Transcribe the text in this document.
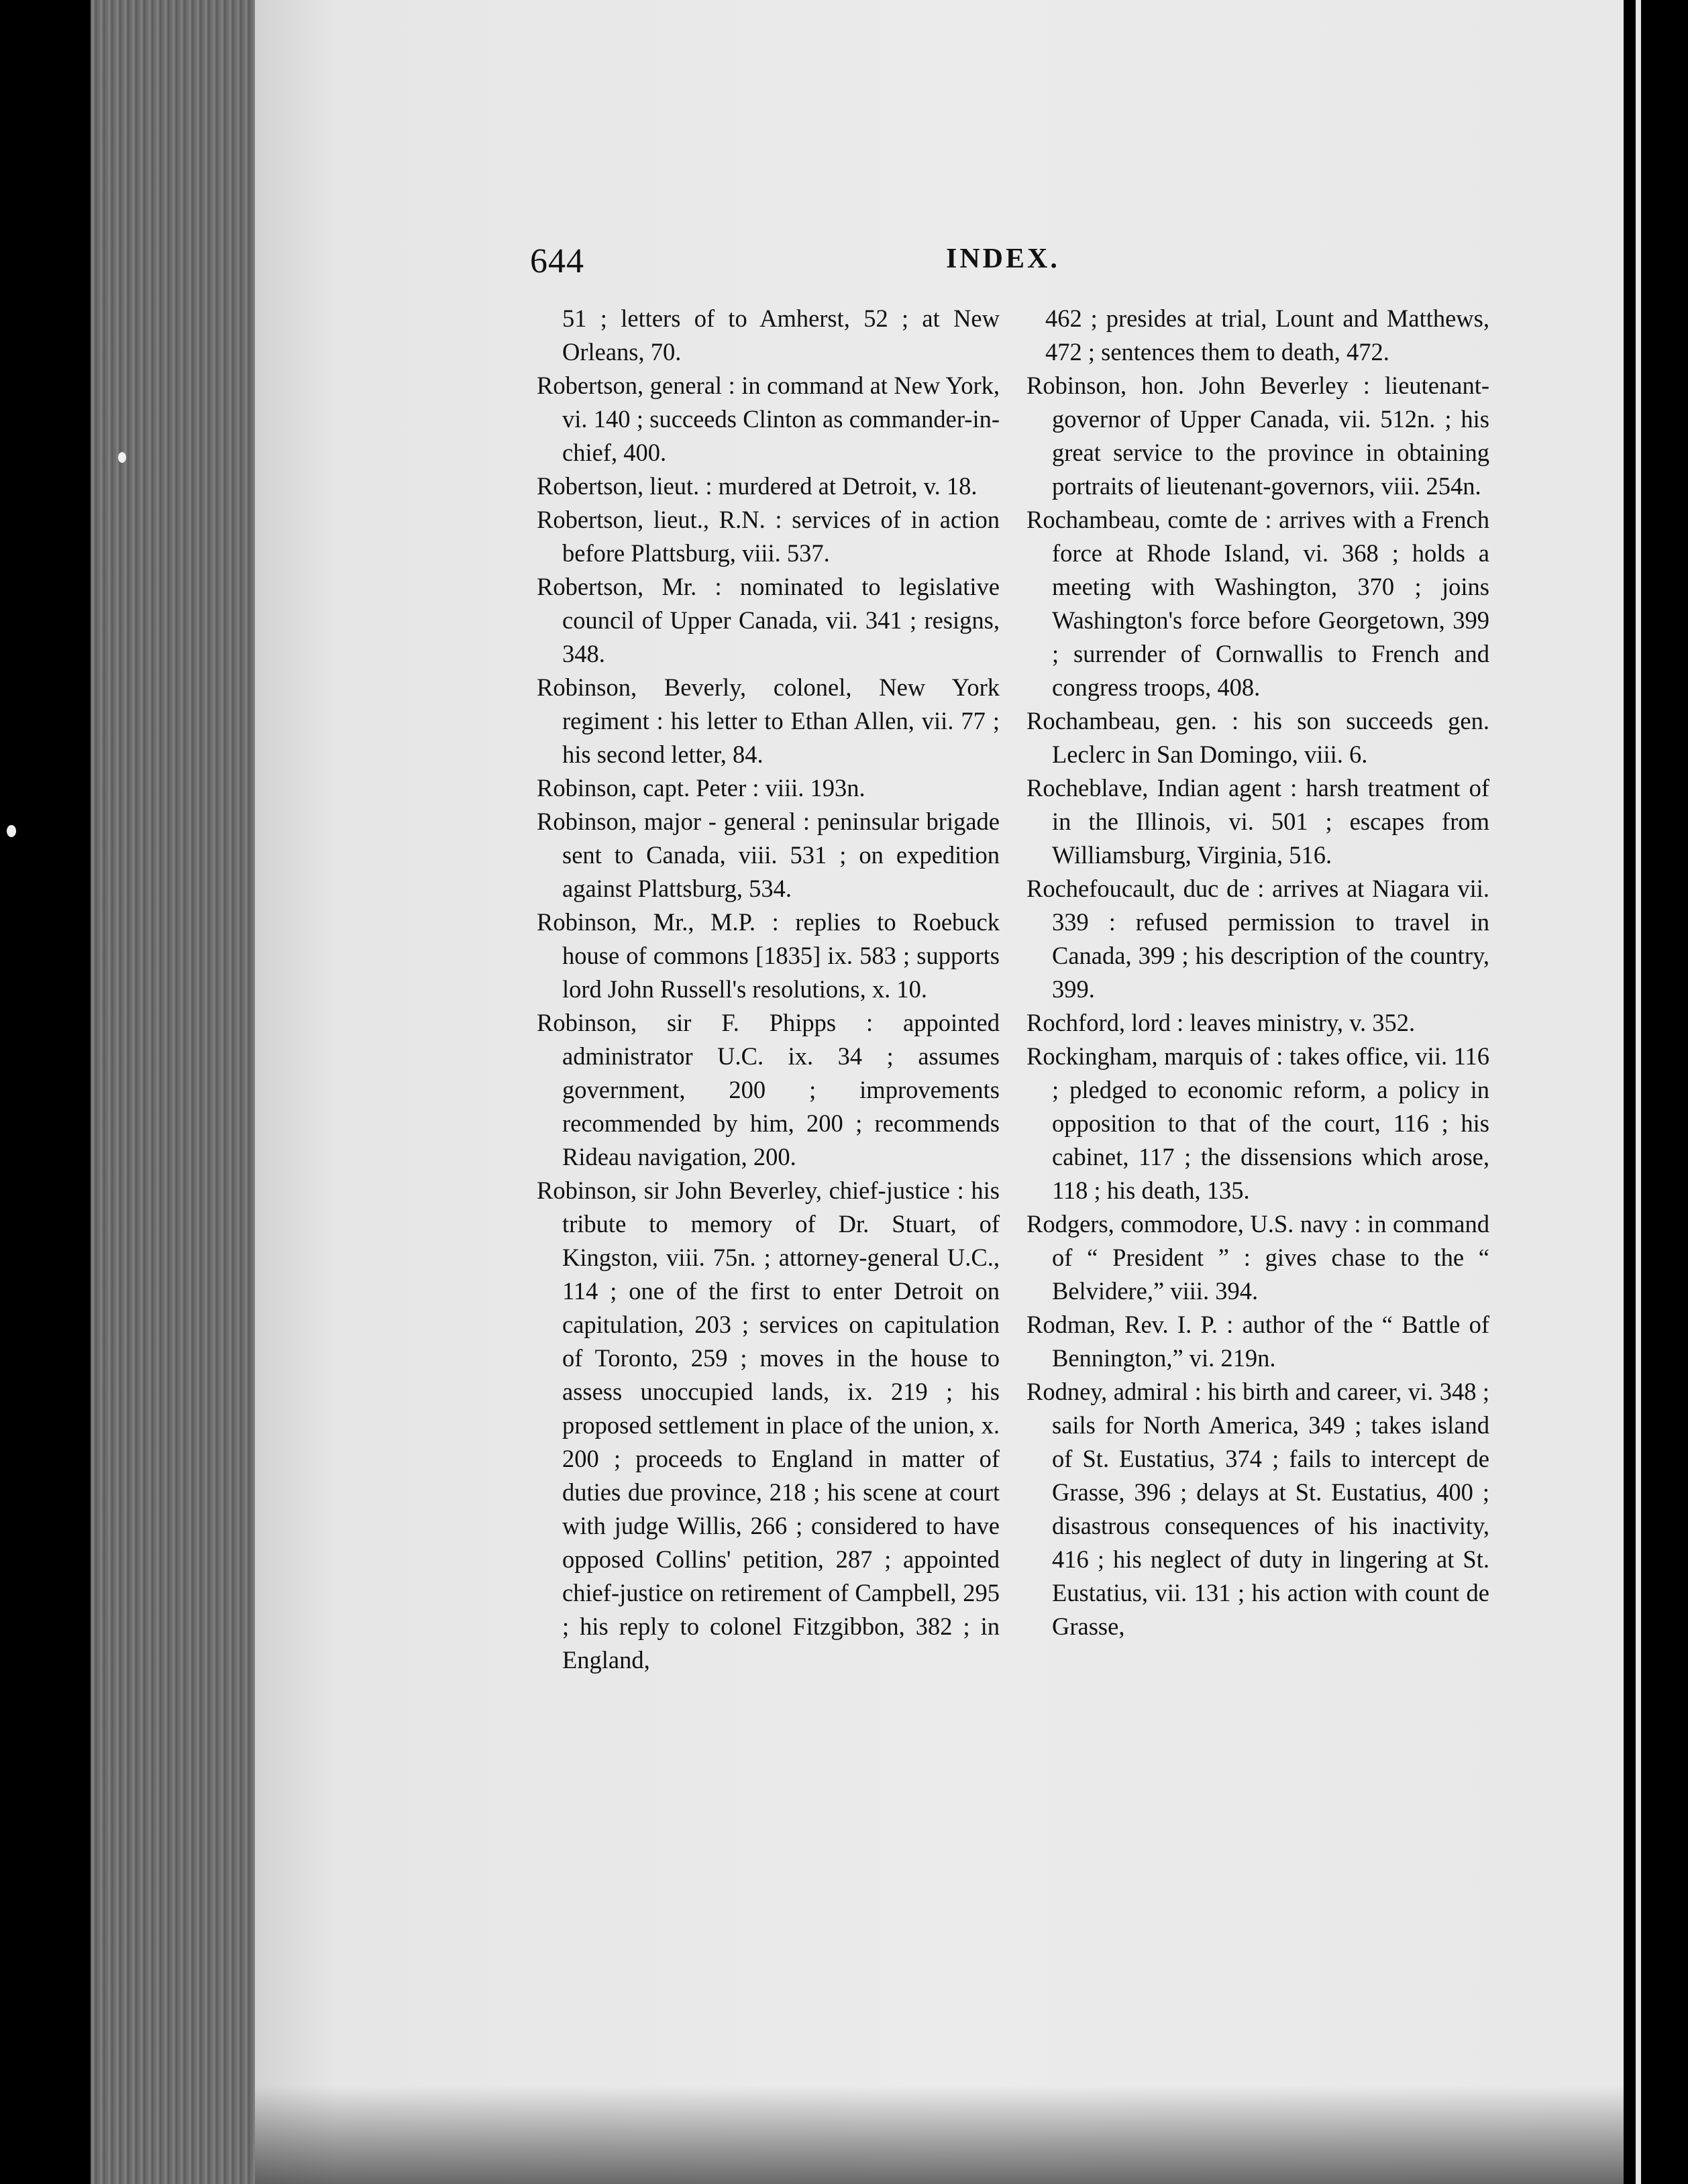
644	INDEX.

51 ; letters of to Amherst, 52 ; at New Orleans, 70.

Robertson, general : in command at New York, vi. 140 ; succeeds Clinton as commander-in-chief, 400.

Robertson, lieut. : murdered at Detroit, v. 18.

Robertson, lieut., R.N. : services of in action before Plattsburg, viii. 537.

Robertson, Mr. : nominated to legislative council of Upper Canada, vii. 341 ; resigns, 348.

Robinson, Beverly, colonel, New York regiment : his letter to Ethan Allen, vii. 77 ; his second letter, 84.

Robinson, capt. Peter : viii. 193n.

Robinson, major - general : peninsular brigade sent to Canada, viii. 531 ; on expedition against Plattsburg, 534.

Robinson, Mr., M.P. : replies to Roebuck house of commons [1835] ix. 583 ; supports lord John Russell's resolutions, x. 10.

Robinson, sir F. Phipps : appointed administrator U.C. ix. 34 ; assumes government, 200 ; improvements recommended by him, 200 ; recommends Rideau navigation, 200.

Robinson, sir John Beverley, chief-justice : his tribute to memory of Dr. Stuart, of Kingston, viii. 75n. ; attorney-general U.C., 114 ; one of the first to enter Detroit on capitulation, 203 ; services on capitulation of Toronto, 259 ; moves in the house to assess unoccupied lands, ix. 219 ; his proposed settlement in place of the union, x. 200 ; proceeds to England in matter of duties due province, 218 ; his scene at court with judge Willis, 266 ; considered to have opposed Collins' petition, 287 ; appointed chief-justice on retirement of Campbell, 295 ; his reply to colonel Fitzgibbon, 382 ; in England,

462 ; presides at trial, Lount and Matthews, 472 ; sentences them to death, 472.

Robinson, hon. John Beverley : lieutenant-governor of Upper Canada, vii. 512n. ; his great service to the province in obtaining portraits of lieutenant-governors, viii. 254n.

Rochambeau, comte de : arrives with a French force at Rhode Island, vi. 368 ; holds a meeting with Washington, 370 ; joins Washington's force before Georgetown, 399 ; surrender of Cornwallis to French and congress troops, 408.

Rochambeau, gen. : his son succeeds gen. Leclerc in San Domingo, viii. 6.

Rocheblave, Indian agent : harsh treatment of in the Illinois, vi. 501 ; escapes from Williamsburg, Virginia, 516.

Rochefoucault, duc de : arrives at Niagara vii. 339 : refused permission to travel in Canada, 399 ; his description of the country, 399.

Rochford, lord : leaves ministry, v. 352.

Rockingham, marquis of : takes office, vii. 116 ; pledged to economic reform, a policy in opposition to that of the court, 116 ; his cabinet, 117 ; the dissensions which arose, 118 ; his death, 135.

Rodgers, commodore, U.S. navy : in command of “ President ” : gives chase to the “ Belvidere,” viii. 394.

Rodman, Rev. I. P. : author of the “ Battle of Bennington,” vi. 219n.

Rodney, admiral : his birth and career, vi. 348 ; sails for North America, 349 ; takes island of St. Eustatius, 374 ; fails to intercept de Grasse, 396 ; delays at St. Eustatius, 400 ; disastrous consequences of his inactivity, 416 ; his neglect of duty in lingering at St. Eustatius, vii. 131 ; his action with count de Grasse,
